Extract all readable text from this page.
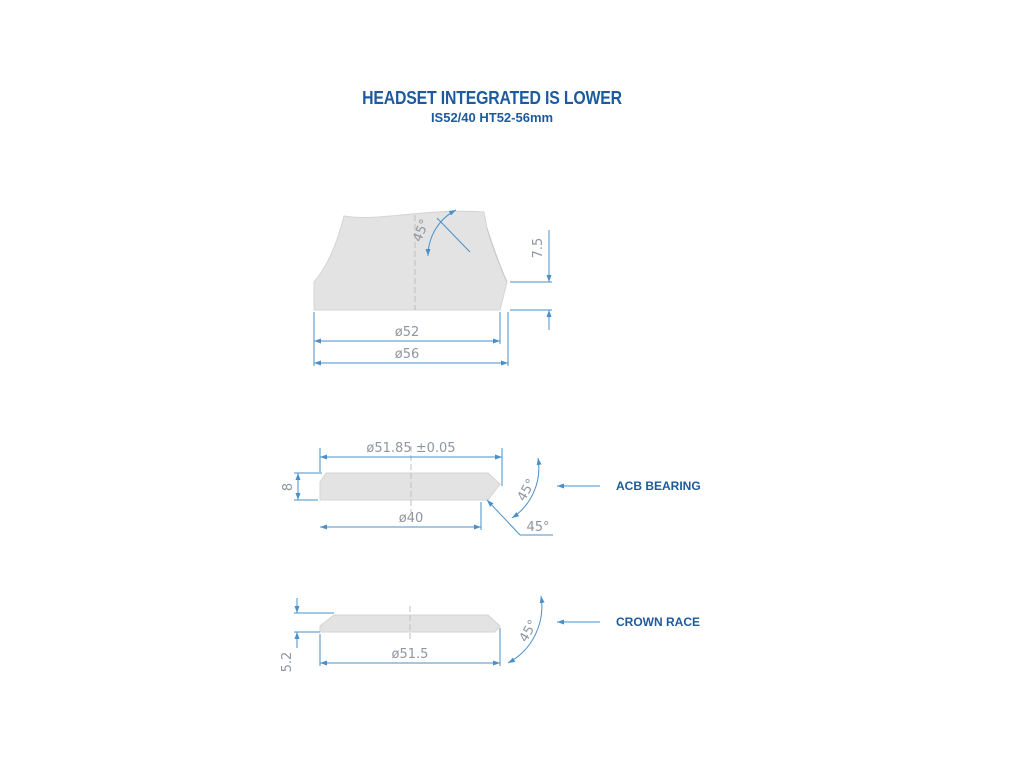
HEADSET INTEGRATED IS LOWER
IS52/40 HT52-56mm
45°
7.5
ø52
ø56
ø51.85 ±0.05
8	45°
ø40
45°
ACB BEARING
5.2
45°
ø51.5
CROWN RACE
